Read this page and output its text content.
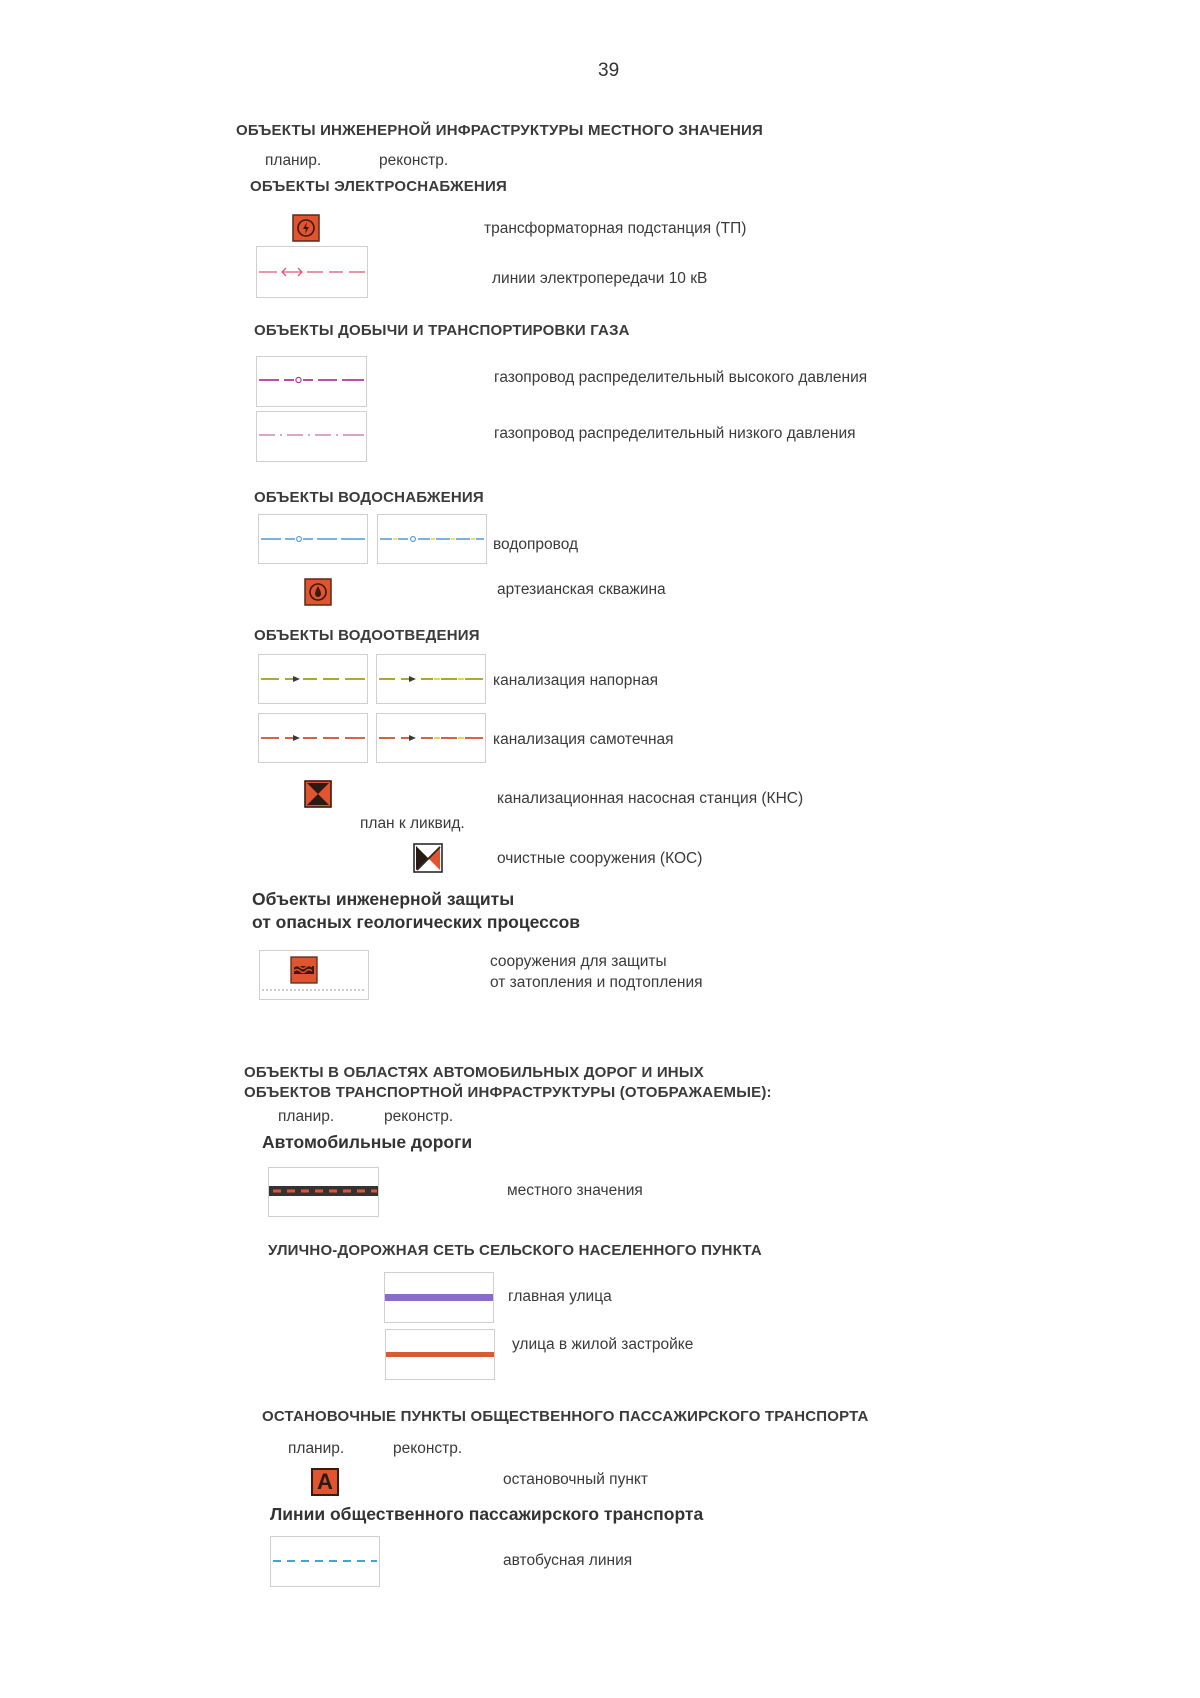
39
ОБЪЕКТЫ ИНЖЕНЕРНОЙ ИНФРАСТРУКТУРЫ МЕСТНОГО ЗНАЧЕНИЯ
планир.	реконстр.
ОБЪЕКТЫ ЭЛЕКТРОСНАБЖЕНИЯ
трансформаторная подстанция (ТП)
линии электропередачи 10 кВ
ОБЪЕКТЫ ДОБЫЧИ И ТРАНСПОРТИРОВКИ ГАЗА
газопровод распределительный высокого давления
газопровод распределительный низкого давления
ОБЪЕКТЫ ВОДОСНАБЖЕНИЯ
водопровод
артезианская скважина
ОБЪЕКТЫ ВОДООТВЕДЕНИЯ
канализация напорная
канализация самотечная
канализационная насосная станция (КНС)
план к ликвид.
очистные сооружения (КОС)
Объекты инженерной защиты
от опасных геологических процессов
сооружения для защиты
от затопления и подтопления
ОБЪЕКТЫ В ОБЛАСТЯХ АВТОМОБИЛЬНЫХ ДОРОГ И ИНЫХ
ОБЪЕКТОВ ТРАНСПОРТНОЙ ИНФРАСТРУКТУРЫ (ОТОБРАЖАЕМЫЕ):
планир.	реконстр.
Автомобильные дороги
местного значения
УЛИЧНО-ДОРОЖНАЯ СЕТЬ СЕЛЬСКОГО НАСЕЛЕННОГО ПУНКТА
главная улица
улица в жилой застройке
ОСТАНОВОЧНЫЕ ПУНКТЫ ОБЩЕСТВЕННОГО ПАССАЖИРСКОГО ТРАНСПОРТА
планир.	реконстр.
А	остановочный пункт
Линии общественного пассажирского транспорта
автобусная линия
